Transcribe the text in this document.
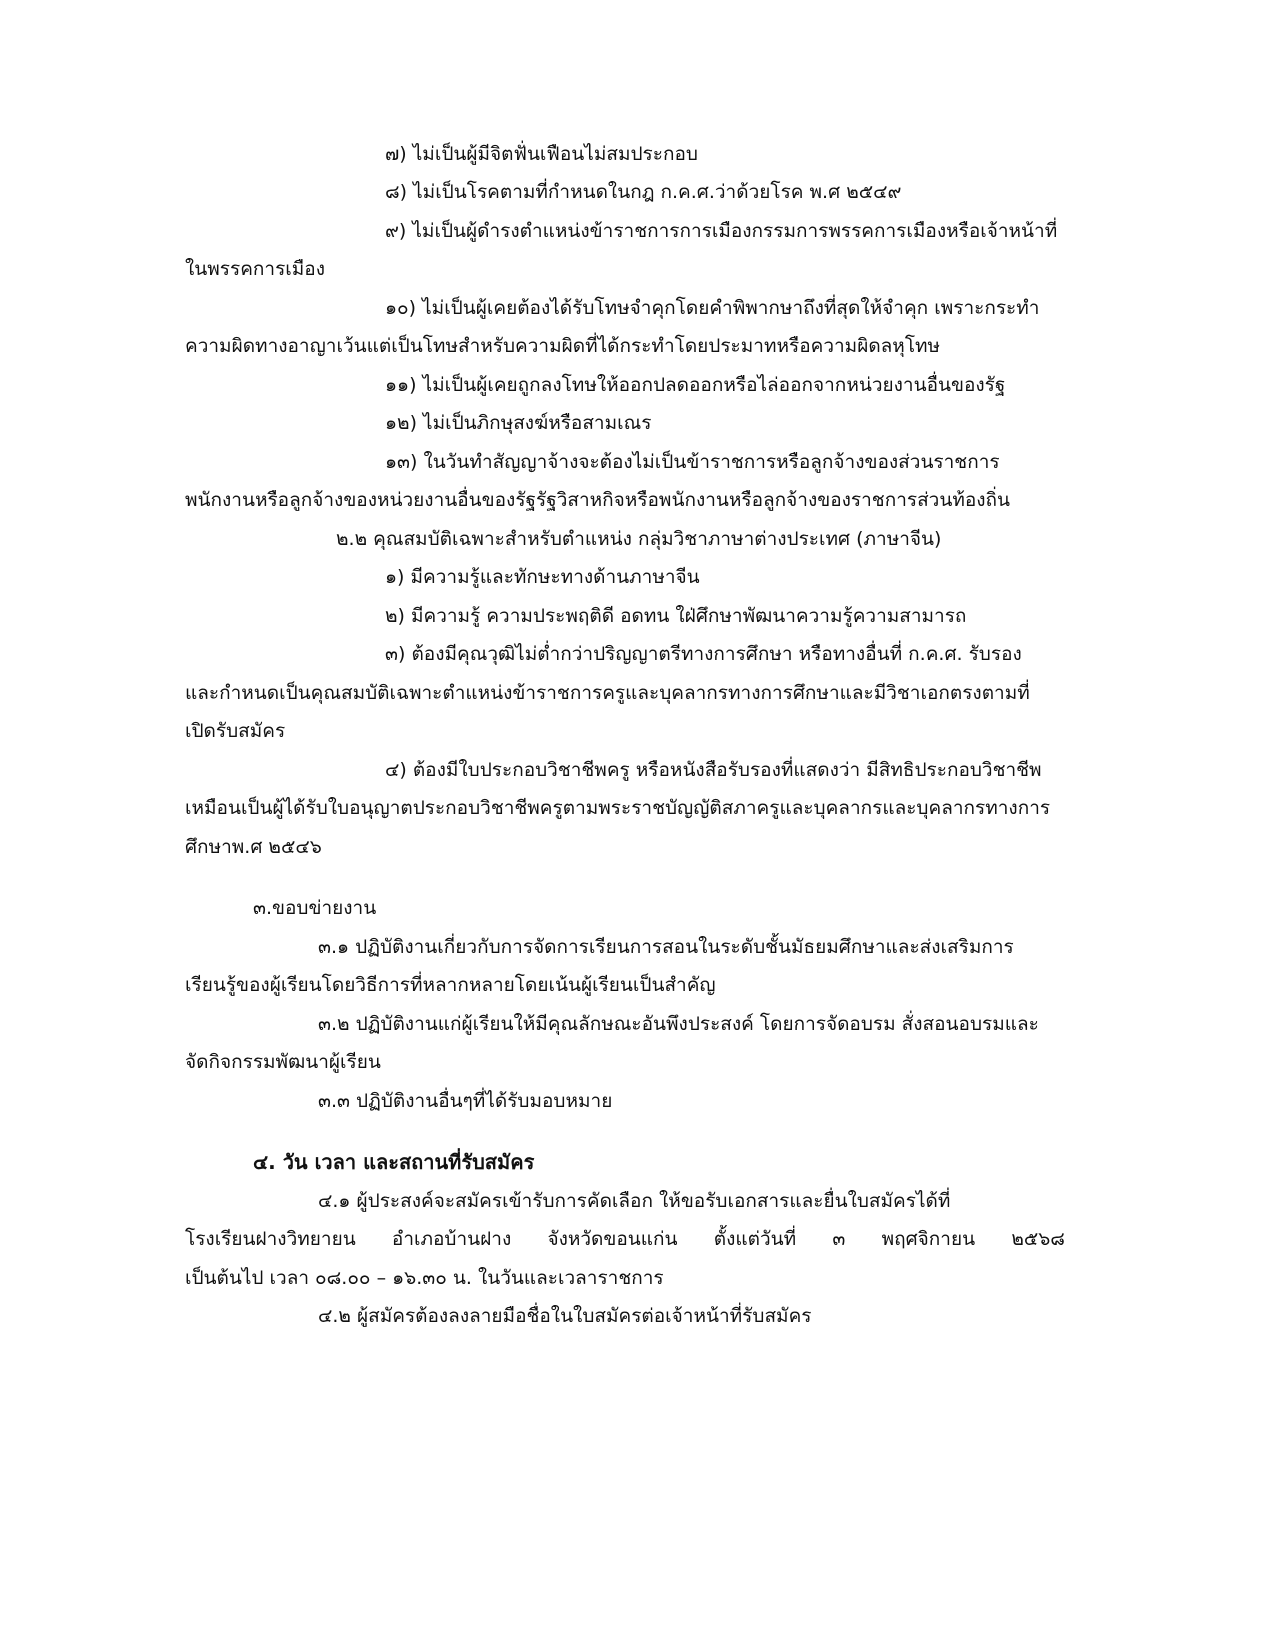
๗) ไม่เป็นผู้มีจิตฟั่นเฟือนไม่สมประกอบ
๘) ไม่เป็นโรคตามที่กำหนดในกฎ ก.ค.ศ.ว่าด้วยโรค พ.ศ ๒๕๔๙
๙) ไม่เป็นผู้ดำรงตำแหน่งข้าราชการการเมืองกรรมการพรรคการเมืองหรือเจ้าหน้าที่
ในพรรคการเมือง
๑๐) ไม่เป็นผู้เคยต้องได้รับโทษจำคุกโดยคำพิพากษาถึงที่สุดให้จำคุก เพราะกระทำ
ความผิดทางอาญาเว้นแต่เป็นโทษสำหรับความผิดที่ได้กระทำโดยประมาทหรือความผิดลหุโทษ
๑๑) ไม่เป็นผู้เคยถูกลงโทษให้ออกปลดออกหรือไล่ออกจากหน่วยงานอื่นของรัฐ
๑๒) ไม่เป็นภิกษุสงฆ์หรือสามเณร
๑๓) ในวันทำสัญญาจ้างจะต้องไม่เป็นข้าราชการหรือลูกจ้างของส่วนราชการ
พนักงานหรือลูกจ้างของหน่วยงานอื่นของรัฐรัฐวิสาหกิจหรือพนักงานหรือลูกจ้างของราชการส่วนท้องถิ่น
๒.๒ คุณสมบัติเฉพาะสำหรับตำแหน่ง กลุ่มวิชาภาษาต่างประเทศ (ภาษาจีน)
๑) มีความรู้และทักษะทางด้านภาษาจีน
๒) มีความรู้ ความประพฤติดี อดทน ใฝ่ศึกษาพัฒนาความรู้ความสามารถ
๓) ต้องมีคุณวุฒิไม่ต่ำกว่าปริญญาตรีทางการศึกษา หรือทางอื่นที่ ก.ค.ศ. รับรอง
และกำหนดเป็นคุณสมบัติเฉพาะตำแหน่งข้าราชการครูและบุคลากรทางการศึกษาและมีวิชาเอกตรงตามที่
เปิดรับสมัคร
๔) ต้องมีใบประกอบวิชาชีพครู หรือหนังสือรับรองที่แสดงว่า มีสิทธิประกอบวิชาชีพ
เหมือนเป็นผู้ได้รับใบอนุญาตประกอบวิชาชีพครูตามพระราชบัญญัติสภาครูและบุคลากรและบุคลากรทางการ
ศึกษาพ.ศ ๒๕๔๖
๓.ขอบข่ายงาน
๓.๑ ปฏิบัติงานเกี่ยวกับการจัดการเรียนการสอนในระดับชั้นมัธยมศึกษาและส่งเสริมการ
เรียนรู้ของผู้เรียนโดยวิธีการที่หลากหลายโดยเน้นผู้เรียนเป็นสำคัญ
๓.๒ ปฏิบัติงานแก่ผู้เรียนให้มีคุณลักษณะอันพึงประสงค์ โดยการจัดอบรม สั่งสอนอบรมและ
จัดกิจกรรมพัฒนาผู้เรียน
๓.๓ ปฏิบัติงานอื่นๆที่ได้รับมอบหมาย
๔. วัน เวลา และสถานที่รับสมัคร
๔.๑ ผู้ประสงค์จะสมัครเข้ารับการคัดเลือก ให้ขอรับเอกสารและยื่นใบสมัครได้ที่
โรงเรียนฝางวิทยายน อำเภอบ้านฝาง จังหวัดขอนแก่น ตั้งแต่วันที่ ๓ พฤศจิกายน ๒๕๖๘
เป็นต้นไป เวลา ๐๘.๐๐ – ๑๖.๓๐ น. ในวันและเวลาราชการ
๔.๒ ผู้สมัครต้องลงลายมือชื่อในใบสมัครต่อเจ้าหน้าที่รับสมัคร
